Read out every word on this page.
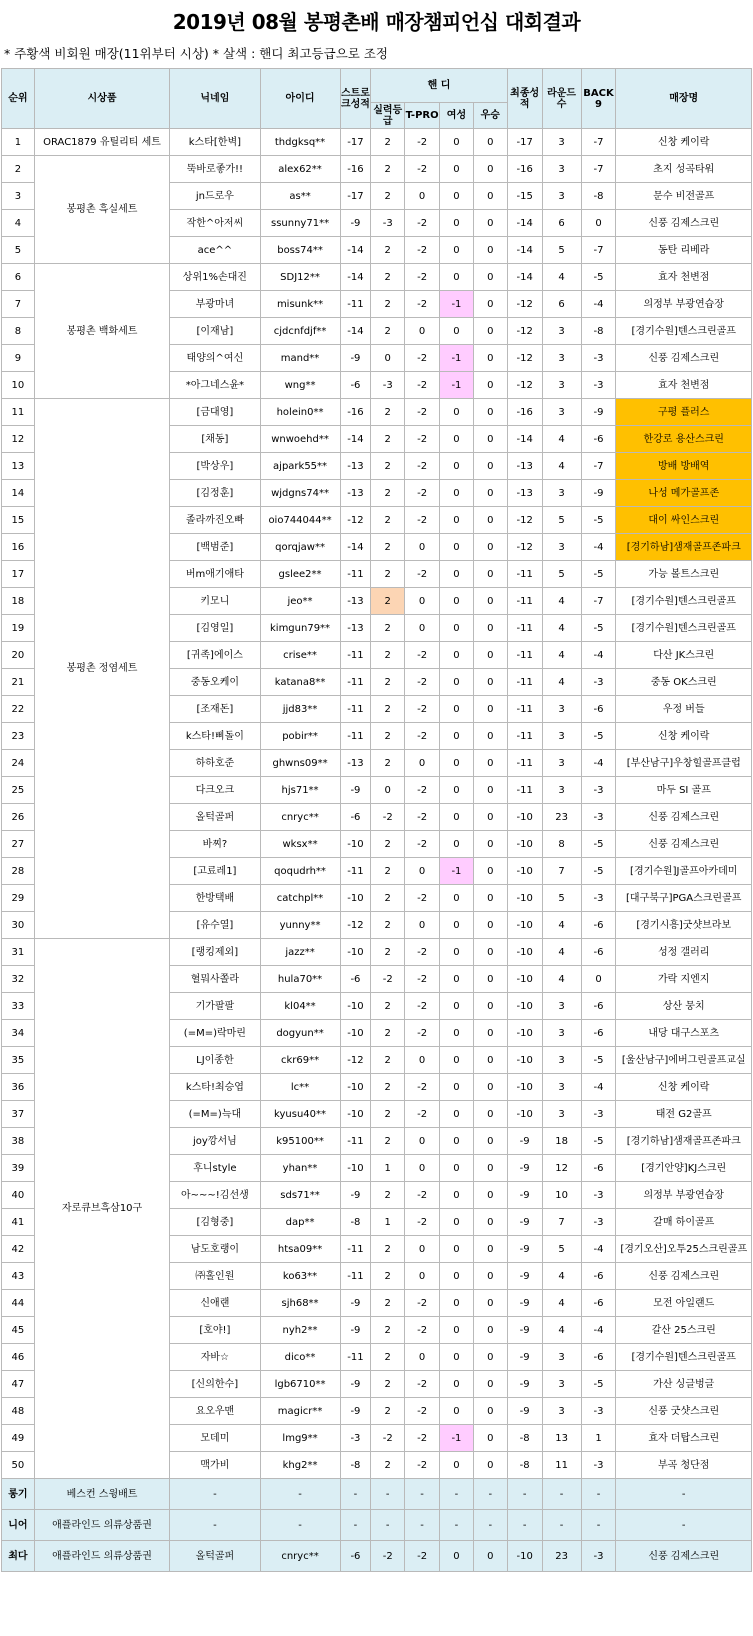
2019년 08월 봉평촌배 매장챔피언십 대회결과
* 주황색 비회원 매장(11위부터 시상) * 살색 : 핸디 최고등급으로 조정
순위	시상품	닉네임	아이디	스트로크성적	핸 디				최종성적	라운드수	BACK 9	매장명
					실력등급	T-PRO	여성	우승				
1	ORAC1879 유틸리티 세트	k스타[한벽]	thdgksq**	-17	2	-2	0	0	-17	3	-7	신창 케이락
2	봉평촌 흑실세트	뚝바로좋가!!	alex62**	-16	2	-2	0	0	-16	3	-7	초지 성곡타워
3		jn드로우	as**	-17	2	0	0	0	-15	3	-8	문수 비전골프
4		작한^아저씨	ssunny71**	-9	-3	-2	0	0	-14	6	0	신풍 김제스크린
5		ace^^	boss74**	-14	2	-2	0	0	-14	5	-7	동탄 리베라
6	봉평촌 백화세트	상위1%손대진	SDJ12**	-14	2	-2	0	0	-14	4	-5	효자 천변점
7		부광마녀	misunk**	-11	2	-2	-1	0	-12	6	-4	의정부 부광연습장
8		[이재남]	cjdcnfdjf**	-14	2	0	0	0	-12	3	-8	[경기수원]텐스크린골프
9		태양의^여신	mand**	-9	0	-2	-1	0	-12	3	-3	신풍 김제스크린
10		*아그네스윤*	wng**	-6	-3	-2	-1	0	-12	3	-3	효자 천변점
11	봉평촌 정염세트	[금대영]	holein0**	-16	2	-2	0	0	-16	3	-9	구평 플러스
12		[채동]	wnwoehd**	-14	2	-2	0	0	-14	4	-6	한강로 용산스크린
13		[박상우]	ajpark55**	-13	2	-2	0	0	-13	4	-7	방배 방배역
14		[김정훈]	wjdgns74**	-13	2	-2	0	0	-13	3	-9	나성 메가골프존
15		졸라까진오빠	oio744044**	-12	2	-2	0	0	-12	5	-5	대이 싸인스크린
16		[백범준]	qorqjaw**	-14	2	0	0	0	-12	3	-4	[경기하남]샘재골프존파크
17		버m애기애타	gslee2**	-11	2	-2	0	0	-11	5	-5	가능 볼트스크린
18		키모니	jeo**	-13	2	0	0	0	-11	4	-7	[경기수원]텐스크린골프
19		[김영일]	kimgun79**	-13	2	0	0	0	-11	4	-5	[경기수원]텐스크린골프
20		[귀족]에이스	crise**	-11	2	-2	0	0	-11	4	-4	다산 JK스크린
21		중동오케이	katana8**	-11	2	-2	0	0	-11	4	-3	중동 OK스크린
22		[조재돈]	jjd83**	-11	2	-2	0	0	-11	3	-6	우정 버들
23		k스타!삐돌이	pobir**	-11	2	-2	0	0	-11	3	-5	신창 케이락
24		하하호준	ghwns09**	-13	2	0	0	0	-11	3	-4	[부산남구]우창힐골프클럽
25		다크오크	hjs71**	-9	0	-2	0	0	-11	3	-3	마두 SI 골프
26		올턱골퍼	cnryc**	-6	-2	-2	0	0	-10	23	-3	신풍 김제스크린
27		바찌?	wksx**	-10	2	-2	0	0	-10	8	-5	신풍 김제스크린
28		[고료레1]	qoqudrh**	-11	2	0	-1	0	-10	7	-5	[경기수원]J골프아카데미
29		한방택배	catchpl**	-10	2	-2	0	0	-10	5	-3	[대구북구]PGA스크린골프
30		[유수열]	yunny**	-12	2	0	0	0	-10	4	-6	[경기시흥]굿샷브라보
31	자로큐브흑삼10구	[랭킹제외]	jazz**	-10	2	-2	0	0	-10	4	-6	성정 갤러리
32		혈뭐사쫄라	hula70**	-6	-2	-2	0	0	-10	4	0	가락 지엔지
33		기가팔팔	kl04**	-10	2	-2	0	0	-10	3	-6	상산 뭉치
34		(=M=)락마린	dogyun**	-10	2	-2	0	0	-10	3	-6	내당 대구스포츠
35		LJ이종한	ckr69**	-12	2	0	0	0	-10	3	-5	[울산남구]에버그린골프교실
36		k스타!최승엽	lc**	-10	2	-2	0	0	-10	3	-4	신창 케이락
37		(=M=)늑대	kyusu40**	-10	2	-2	0	0	-10	3	-3	태전 G2골프
38		joy깡서님	k95100**	-11	2	0	0	0	-9	18	-5	[경기하남]샘재골프존파크
39		후니style	yhan**	-10	1	0	0	0	-9	12	-6	[경기안양]KJ스크린
40		아~~~!김선생	sds71**	-9	2	-2	0	0	-9	10	-3	의정부 부광연습장
41		[김형중]	dap**	-8	1	-2	0	0	-9	7	-3	갈매 하이골프
42		남도호랭이	htsa09**	-11	2	0	0	0	-9	5	-4	[경기오산]오투25스크린골프
43		㈜홀인원	ko63**	-11	2	0	0	0	-9	4	-6	신풍 김제스크린
44		신애랜	sjh68**	-9	2	-2	0	0	-9	4	-6	모전 아일랜드
45		[호야!]	nyh2**	-9	2	-2	0	0	-9	4	-4	갈산 25스크린
46		자바☆	dico**	-11	2	0	0	0	-9	3	-6	[경기수원]텐스크린골프
47		[신의한수]	lgb6710**	-9	2	-2	0	0	-9	3	-5	가산 싱글벙글
48		요오우맨	magicr**	-9	2	-2	0	0	-9	3	-3	신풍 굿샷스크린
49		모데미	lmg9**	-3	-2	-2	-1	0	-8	13	1	효자 더탑스크린
50		맥가비	khg2**	-8	2	-2	0	0	-8	11	-3	부곡 청단점
롱기	베스컨 스윙배트	-	-	-	-	-	-	-	-	-	-	-
니어	애플라인드 의류상품권	-	-	-	-	-	-	-	-	-	-	-
최다	애플라인드 의류상품권	올턱골퍼	cnryc**	-6	-2	-2	0	0	-10	23	-3	신풍 김제스크린
